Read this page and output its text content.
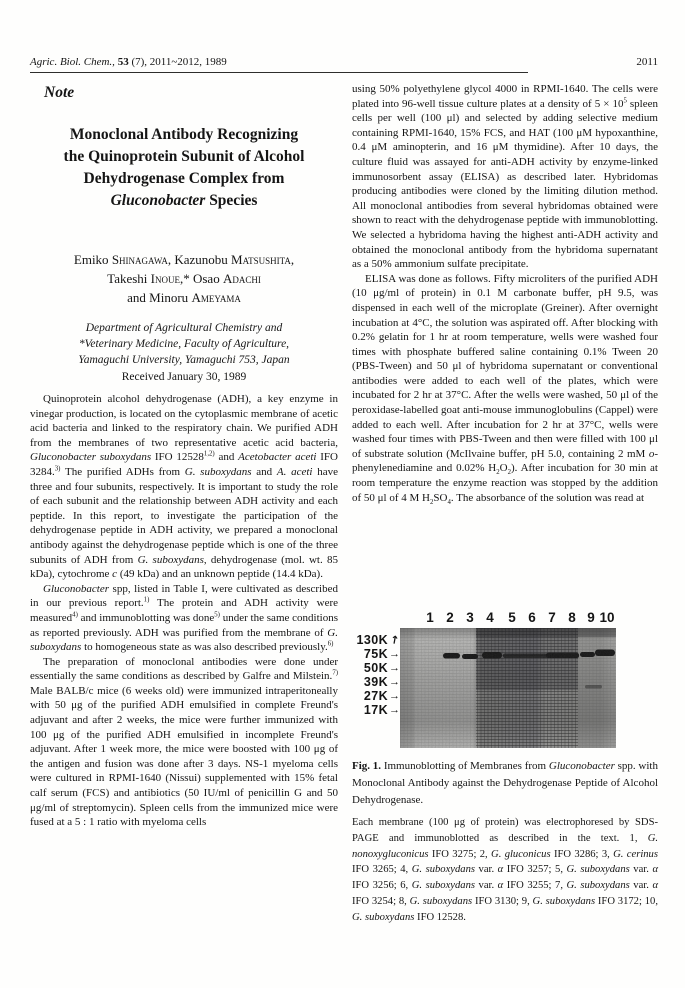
Agric. Biol. Chem., 53 (7), 2011~2012, 1989	2011
Note
Monoclonal Antibody Recognizing
the Quinoprotein Subunit of Alcohol
Dehydrogenase Complex from
Gluconobacter Species
Emiko Shinagawa, Kazunobu Matsushita,
Takeshi Inoue,* Osao Adachi
and Minoru Ameyama
Department of Agricultural Chemistry and
*Veterinary Medicine, Faculty of Agriculture,
Yamaguchi University, Yamaguchi 753, Japan
Received January 30, 1989

Quinoprotein alcohol dehydrogenase (ADH), a key enzyme in vinegar production, is located on the cytoplasmic membrane of acetic acid bacteria and linked to the respiratory chain. We purified ADH from the membranes of two representative acetic acid bacteria, Gluconobacter suboxydans IFO 12528$^{1,2)}$ and Acetobacter aceti IFO 3284.$^{3)}$ The purified ADHs from G. suboxydans and A. aceti have three and four subunits, respectively. It is important to study the role of each subunit and the relationship between ADH activity and each peptide. In this report, to investigate the participation of the dehydrogenase peptide in ADH activity, we prepared a monoclonal antibody against the dehydrogenase peptide which is one of the three subunits of ADH from G. suboxydans, dehydrogenase (mol. wt. 85 kDa), cytochrome c (49 kDa) and an unknown peptide (14.4 kDa).

Gluconobacter spp, listed in Table I, were cultivated as described in our previous report.$^{1)}$ The protein and ADH activity were measured$^{4)}$ and immunoblotting was done$^{5)}$ under the same conditions as reported previously. ADH was purified from the membrane of G. suboxydans to homogeneous state as was also described previously.$^{6)}$

The preparation of monoclonal antibodies were done under essentially the same conditions as described by Galfre and Milstein.$^{7)}$ Male BALB/c mice (6 weeks old) were immunized intraperitoneally with 50 μg of the purified ADH emulsified in complete Freund's adjuvant and after 2 weeks, the mice were further immunized with 100 μg of the purified ADH emulsified in incomplete Freund's adjuvant. After 1 week more, the mice were boosted with 100 μg of the antigen and fusion was done after 3 days. NS-1 myeloma cells were cultured in RPMI-1640 (Nissui) supplemented with 15% fetal calf serum (FCS) and antibiotics (50 IU/ml of penicillin G and 50 μg/ml of streptomycin). Spleen cells from the immunized mice were fused at a 5 : 1 ratio with myeloma cells

using 50% polyethylene glycol 4000 in RPMI-1640. The cells were plated into 96-well tissue culture plates at a density of $5 \times 10^5$ spleen cells per well (100 μl) and selected by adding selective medium containing RPMI-1640, 15% FCS, and HAT (100 μM hypoxanthine, 0.4 μM aminopterin, and 16 μM thymidine). After 10 days, the culture fluid was assayed for anti-ADH activity by enzyme-linked immunosorbent assay (ELISA) as described later. Hybridomas producing antibodies were cloned by the limiting dilution method. All monoclonal antibodies from several hybridomas obtained were shown to react with the dehydrogenase peptide with immunoblotting. We selected a hybridoma having the highest anti-ADH activity and obtained the monoclonal antibody from the hybridoma supernatant as a 50% ammonium sulfate precipitate.

ELISA was done as follows. Fifty microliters of the purified ADH (10 μg/ml of protein) in 0.1 M carbonate buffer, pH 9.5, was dispensed in each well of the microplate (Greiner). After overnight incubation at 4°C, the solution was aspirated off. After blocking with 0.2% gelatin for 1 hr at room temperature, wells were washed four times with phosphate buffered saline containing 0.1% Tween 20 (PBS-Tween) and 50 μl of hybridoma supernatant or conventional antibodies were added to each well of the plates, which were incubated for 2 hr at 37°C. After the wells were washed, 50 μl of the peroxidase-labelled goat anti-mouse immunoglobulins (Cappel) were added to each well. After incubation for 2 hr at 37°C, wells were washed four times with PBS-Tween and then were filled with 100 μl of substrate solution (McIlvaine buffer, pH 5.0, containing 2 mM o-phenylenediamine and 0.02% $H_2O_2$). After incubation for 30 min at room temperature the enzyme reaction was stopped by the addition of 50 μl of 4 M $H_2SO_4$. The absorbance of the solution was read at

1 2 3 4 5 6 7 8 9 10
130K ↗
75K →
50K →
39K →
27K →
17K →
Fig. 1. Immunoblotting of Membranes from Gluconobacter spp. with Monoclonal Antibody against the Dehydrogenase Peptide of Alcohol Dehydrogenase.
Each membrane (100 μg of protein) was electrophoresed by SDS-PAGE and immunoblotted as described in the text. 1, G. nonoxygluconicus IFO 3275; 2, G. gluconicus IFO 3286; 3, G. cerinus IFO 3265; 4, G. suboxydans var. α IFO 3257; 5, G. suboxydans var. α IFO 3256; 6, G. suboxydans var. α IFO 3255; 7, G. suboxydans var. α IFO 3254; 8, G. suboxydans IFO 3130; 9, G. suboxydans IFO 3172; 10, G. suboxydans IFO 12528.
